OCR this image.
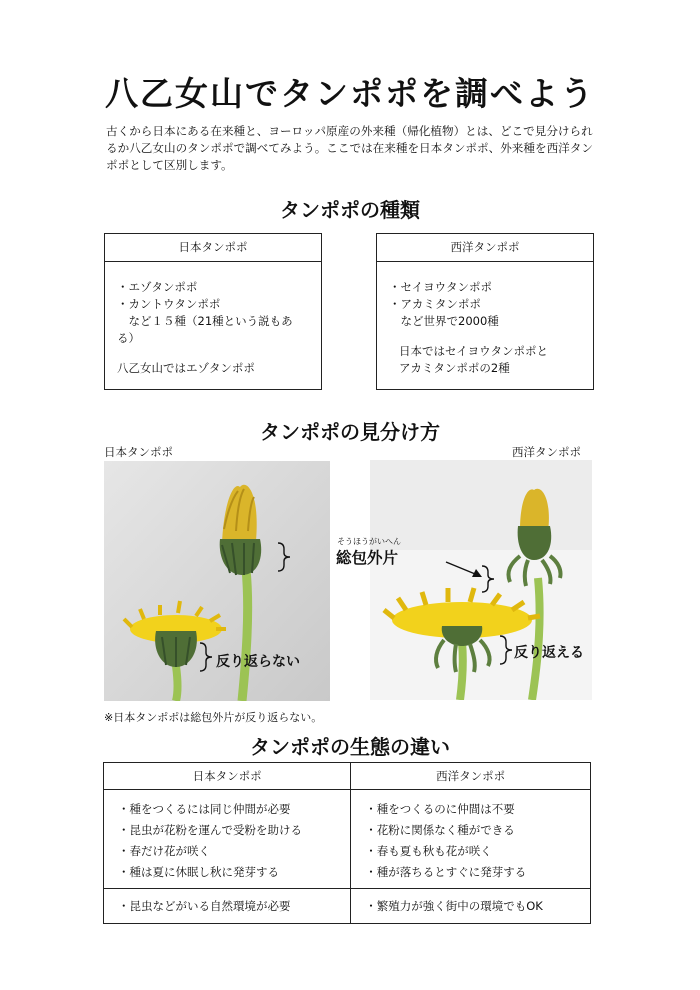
八乙女山でタンポポを調べよう
古くから日本にある在来種と、ヨーロッパ原産の外来種（帰化植物）とは、どこで見分けられるか八乙女山のタンポポで調べてみよう。ここでは在来種を日本タンポポ、外来種を西洋タンポポとして区別します。
タンポポの種類
日本タンポポ
・エゾタンポポ
・カントウタンポポ
　など１５種（21種という説もある）
八乙女山ではエゾタンポポ
西洋タンポポ
・セイヨウタンポポ
・アカミタンポポ
　など世界で2000種
日本ではセイヨウタンポポと
アカミタンポポの2種
タンポポの見分け方
日本タンポポ	西洋タンポポ
そうほうがいへん
総包外片
反り返らない
反り返える
※日本タンポポは総包外片が反り返らない。
タンポポの生態の違い
日本タンポポ	西洋タンポポ
・種をつくるには同じ仲間が必要	・種をつくるのに仲間は不要
・昆虫が花粉を運んで受粉を助ける	・花粉に関係なく種ができる
・春だけ花が咲く	・春も夏も秋も花が咲く
・種は夏に休眠し秋に発芽する	・種が落ちるとすぐに発芽する
・昆虫などがいる自然環境が必要	・繁殖力が強く街中の環境でもOK
